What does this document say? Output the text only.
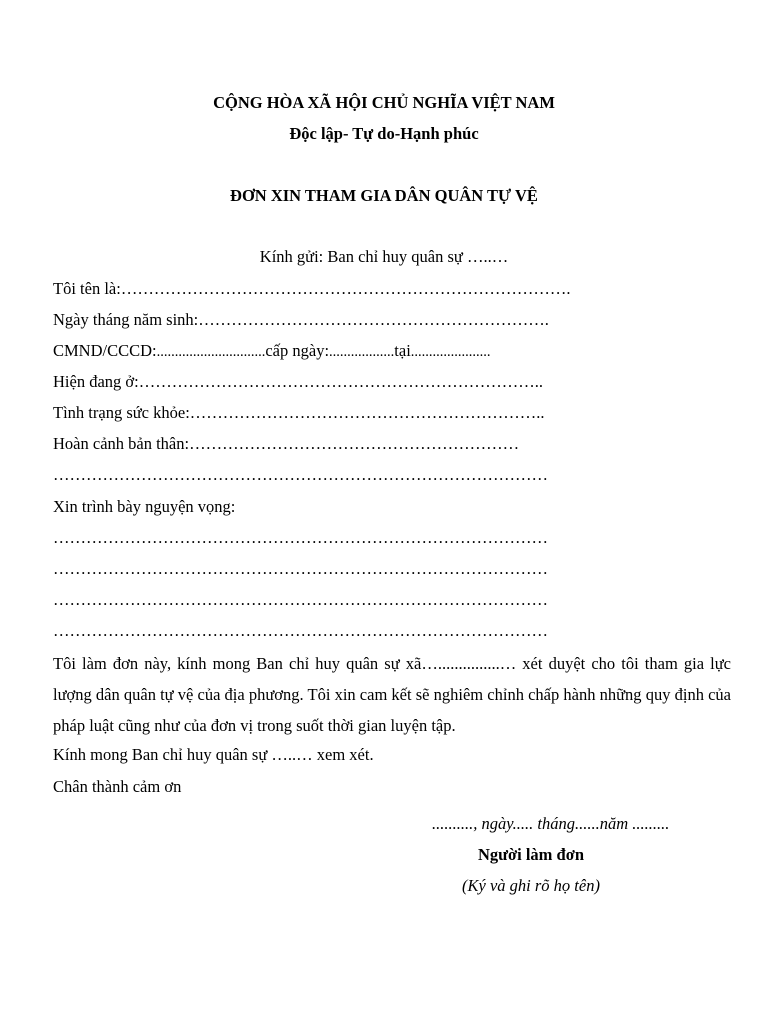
CỘNG HÒA XÃ HỘI CHỦ NGHĨA VIỆT NAM
Độc lập- Tự do-Hạnh phúc
ĐƠN XIN THAM GIA DÂN QUÂN TỰ VỆ
Kính gửi: Ban chỉ huy quân sự …..…
Tôi tên là:……………………………………………………………………….
Ngày tháng năm sinh:……………………………………………………….
CMND/CCCD:..............................cấp ngày:..................tại......................
Hiện đang ở:………………………………………………………………..
Tình trạng sức khỏe:………………………………………………………..
Hoàn cảnh bản thân:……………………………………………………
………………………………………………………………………………
Xin trình bày nguyện vọng:
………………………………………………………………………………
………………………………………………………………………………
………………………………………………………………………………
………………………………………………………………………………
Tôi làm đơn này, kính mong Ban chỉ huy quân sự xã…...............… xét duyệt cho tôi tham gia lực lượng dân quân tự vệ của địa phương. Tôi xin cam kết sẽ nghiêm chỉnh chấp hành những quy định của pháp luật cũng như của đơn vị trong suốt thời gian luyện tập.
Kính mong Ban chỉ huy quân sự …..… xem xét.
Chân thành cảm ơn
.........., ngày..... tháng......năm .........
Người làm đơn
(Ký và ghi rõ họ tên)
